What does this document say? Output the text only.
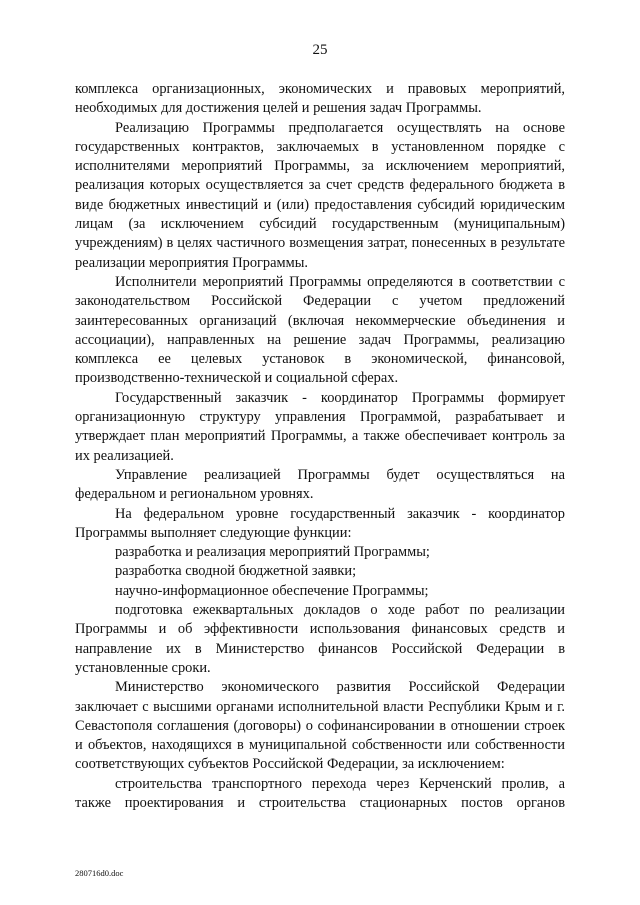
25

комплекса организационных, экономических и правовых мероприятий, необходимых для достижения целей и решения задач Программы.

Реализацию Программы предполагается осуществлять на основе государственных контрактов, заключаемых в установленном порядке с исполнителями мероприятий Программы, за исключением мероприятий, реализация которых осуществляется за счет средств федерального бюджета в виде бюджетных инвестиций и (или) предоставления субсидий юридическим лицам (за исключением субсидий государственным (муниципальным) учреждениям) в целях частичного возмещения затрат, понесенных в результате реализации мероприятия Программы.

Исполнители мероприятий Программы определяются в соответствии с законодательством Российской Федерации с учетом предложений заинтересованных организаций (включая некоммерческие объединения и ассоциации), направленных на решение задач Программы, реализацию комплекса ее целевых установок в экономической, финансовой, производственно-технической и социальной сферах.

Государственный заказчик - координатор Программы формирует организационную структуру управления Программой, разрабатывает и утверждает план мероприятий Программы, а также обеспечивает контроль за их реализацией.

Управление реализацией Программы будет осуществляться на федеральном и региональном уровнях.

На федеральном уровне государственный заказчик - координатор Программы выполняет следующие функции:

разработка и реализация мероприятий Программы;

разработка сводной бюджетной заявки;

научно-информационное обеспечение Программы;

подготовка ежеквартальных докладов о ходе работ по реализации Программы и об эффективности использования финансовых средств и направление их в Министерство финансов Российской Федерации в установленные сроки.

Министерство экономического развития Российской Федерации заключает с высшими органами исполнительной власти Республики Крым и г. Севастополя соглашения (договоры) о софинансировании в отношении строек и объектов, находящихся в муниципальной собственности или собственности соответствующих субъектов Российской Федерации, за исключением:

строительства транспортного перехода через Керченский пролив, а также проектирования и строительства стационарных постов органов

280716d0.doc
